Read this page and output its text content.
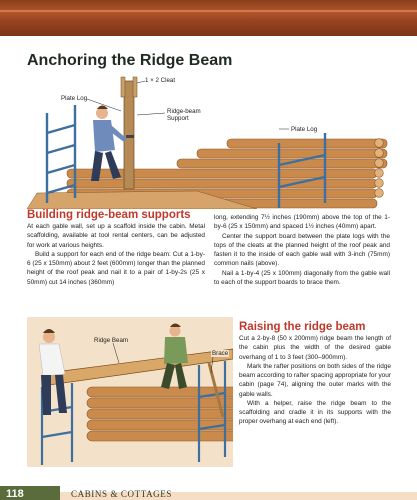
Anchoring the Ridge Beam
1 × 2 Cleat
Plate Log
Ridge-beam
Support
Plate Log
Building ridge-beam supports

At each gable wall, set up a scaffold inside the cabin. Metal scaffolding, available at tool rental centers, can be adjusted for work at various heights.

Build a support for each end of the ridge beam: Cut a 1-by-6 (25 x 150mm) about 2 feet (600mm) longer than the planned height of the roof peak and nail it to a pair of 1-by-2s (25 x 50mm) cut 14 inches (360mm)

long, extending 7½ inches (190mm) above the top of the 1-by-6 (25 x 150mm) and spaced 1½ inches (40mm) apart.

Center the support board between the plate logs with the tops of the cleats at the planned height of the roof peak and fasten it to the inside of each gable wall with 3-inch (75mm) common nails (above).

Nail a 1-by-4 (25 x 100mm) diagonally from the gable wall to each of the support boards to brace them.

Ridge Beam
Brace
Raising the ridge beam

Cut a 2-by-8 (50 x 200mm) ridge beam the length of the cabin plus the width of the desired gable overhang of 1 to 3 feet (300–900mm).

Mark the rafter positions on both sides of the ridge beam according to rafter spacing appropriate for your cabin (page 74), aligning the outer marks with the gable walls.

With a helper, raise the ridge beam to the scaffolding and cradle it in its supports with the proper overhang at each end (left).

118	CABINS & COTTAGES
